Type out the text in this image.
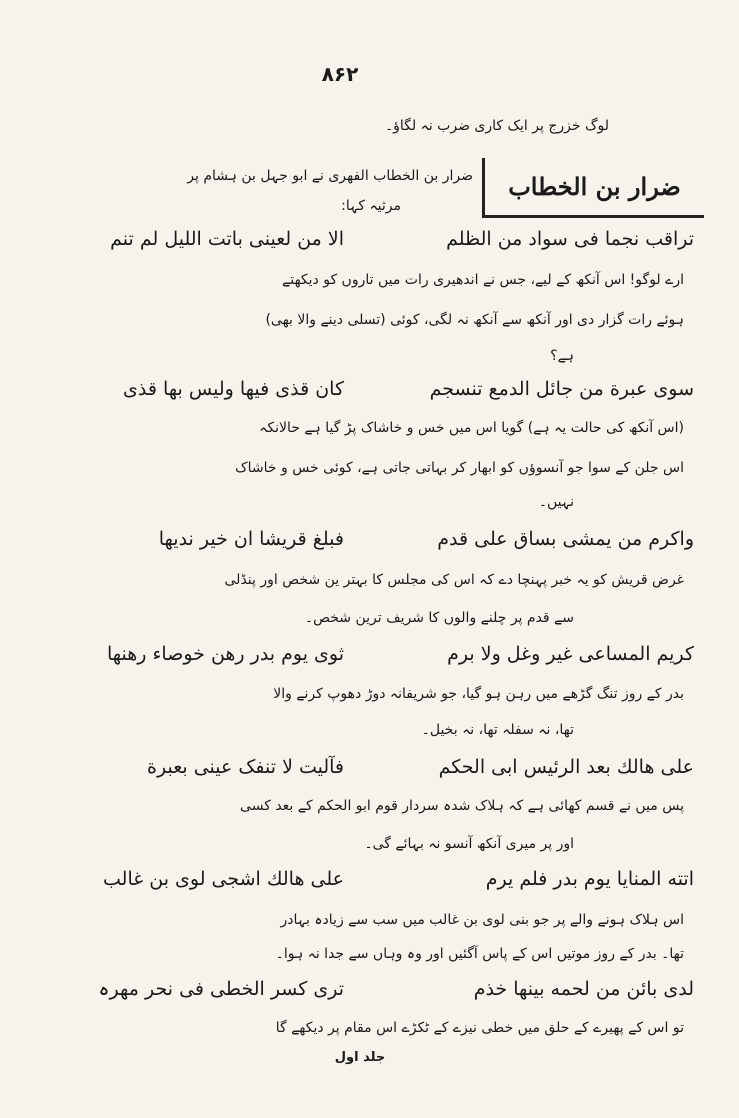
۸۶۲
لوگ خزرج پر ایک کاری ضرب نہ لگاؤ۔
ضرار بن الخطاب
ضرار بن الخطاب الفھری نے ابو جہل بن ہشام پر
مرثیہ کہا:
الا من لعینی باتت اللیل لم تنم	تراقب نجما فی سواد من الظلم
ارے لوگو! اس آنکھ کے لیے، جس نے اندھیری رات میں تاروں کو دیکھتے
ہوئے رات گزار دی اور آنکھ سے آنکھ نہ لگی، کوئی (تسلی دینے والا بھی)
ہے؟
کان قذی فیھا ولیس بھا قذی	سوی عبرة من جائل الدمع تنسجم
(اس آنکھ کی حالت یہ ہے) گویا اس میں خس و خاشاک پڑ گیا ہے حالانکہ
اس جلن کے سوا جو آنسوؤں کو ابھار کر بہاتی جاتی ہے، کوئی خس و خاشاک
نہیں۔
فبلغ قریشا ان خیر ندیھا	واکرم من یمشی بساق علی قدم
غرض قریش کو یہ خبر پہنچا دے کہ اس کی مجلس کا بہتر ین شخص اور پنڈلی
سے قدم پر چلنے والوں کا شریف ترین شخص۔
ثوی یوم بدر رھن خوصاء رھنھا	کریم المساعی غیر وغل ولا برم
بدر کے روز تنگ گڑھے میں رہن ہو گیا، جو شریفانہ دوڑ دھوپ کرنے والا
تھا، نہ سفلہ تھا، نہ بخیل۔
فآلیت لا تنفک عینی بعبرة	علی ھالك بعد الرئیس ابی الحكم
پس میں نے قسم کھائی ہے کہ ہلاک شدہ سردار قوم ابو الحکم کے بعد کسی
اور پر میری آنکھ آنسو نہ بہائے گی۔
علی ھالك اشجی لوی بن غالب	اتته المنایا یوم بدر فلم یرم
اس ہلاک ہونے والے پر جو بنی لوی بن غالب میں سب سے زیادہ بہادر
تھا۔ بدر کے روز موتیں اس کے پاس آگئیں اور وہ وہاں سے جدا نہ ہوا۔
تری کسر الخطی فی نحر مھرہ	لدی بائن من لحمه بینھا خذم
تو اس کے پھیرے کے حلق میں خطی نیزے کے ٹکڑے اس مقام پر دیکھے گا
جلد اول
